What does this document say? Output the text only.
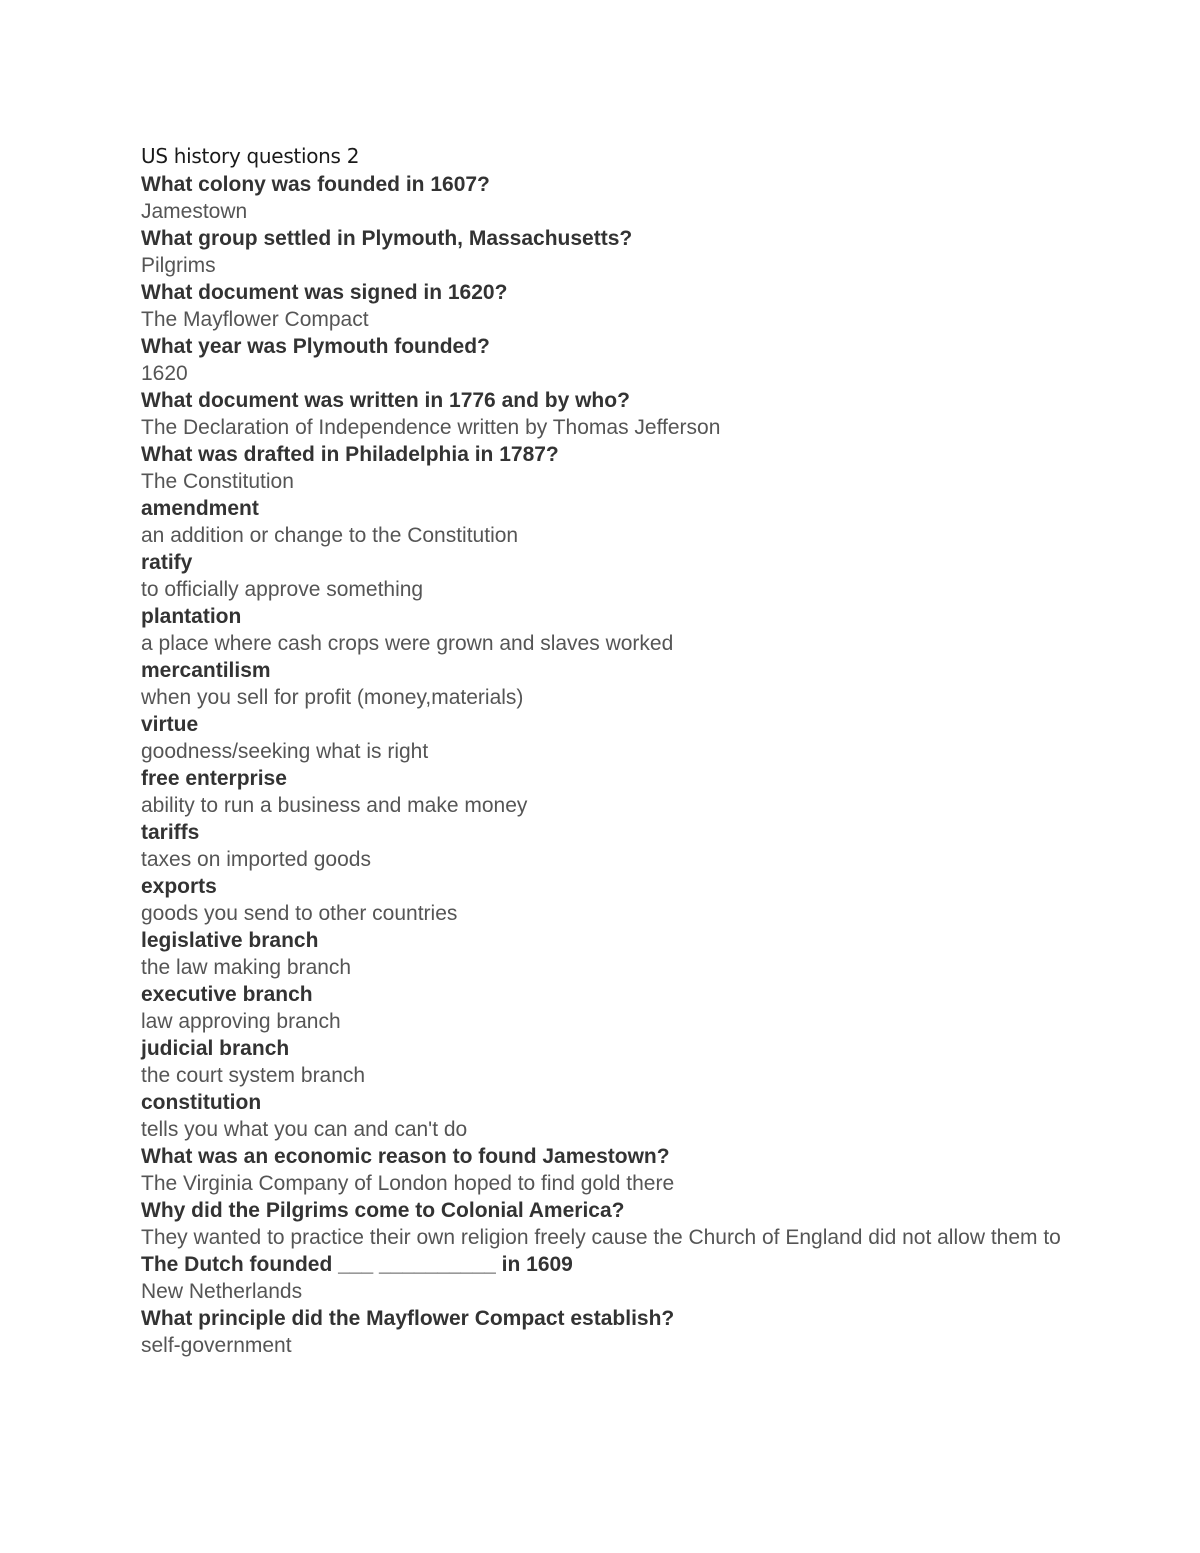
US history questions 2

What colony was founded in 1607?

Jamestown

What group settled in Plymouth, Massachusetts?

Pilgrims

What document was signed in 1620?

The Mayflower Compact

What year was Plymouth founded?

1620

What document was written in 1776 and by who?

The Declaration of Independence written by Thomas Jefferson

What was drafted in Philadelphia in 1787?

The Constitution

amendment

an addition or change to the Constitution

ratify

to officially approve something

plantation

a place where cash crops were grown and slaves worked

mercantilism

when you sell for profit (money,materials)

virtue

goodness/seeking what is right

free enterprise

ability to run a business and make money

tariffs

taxes on imported goods

exports

goods you send to other countries

legislative branch

the law making branch

executive branch

law approving branch

judicial branch

the court system branch

constitution

tells you what you can and can't do

What was an economic reason to found Jamestown?

The Virginia Company of London hoped to find gold there

Why did the Pilgrims come to Colonial America?

They wanted to practice their own religion freely cause the Church of England did not allow them to

The Dutch founded ___ __________ in 1609

New Netherlands

What principle did the Mayflower Compact establish?

self-government
